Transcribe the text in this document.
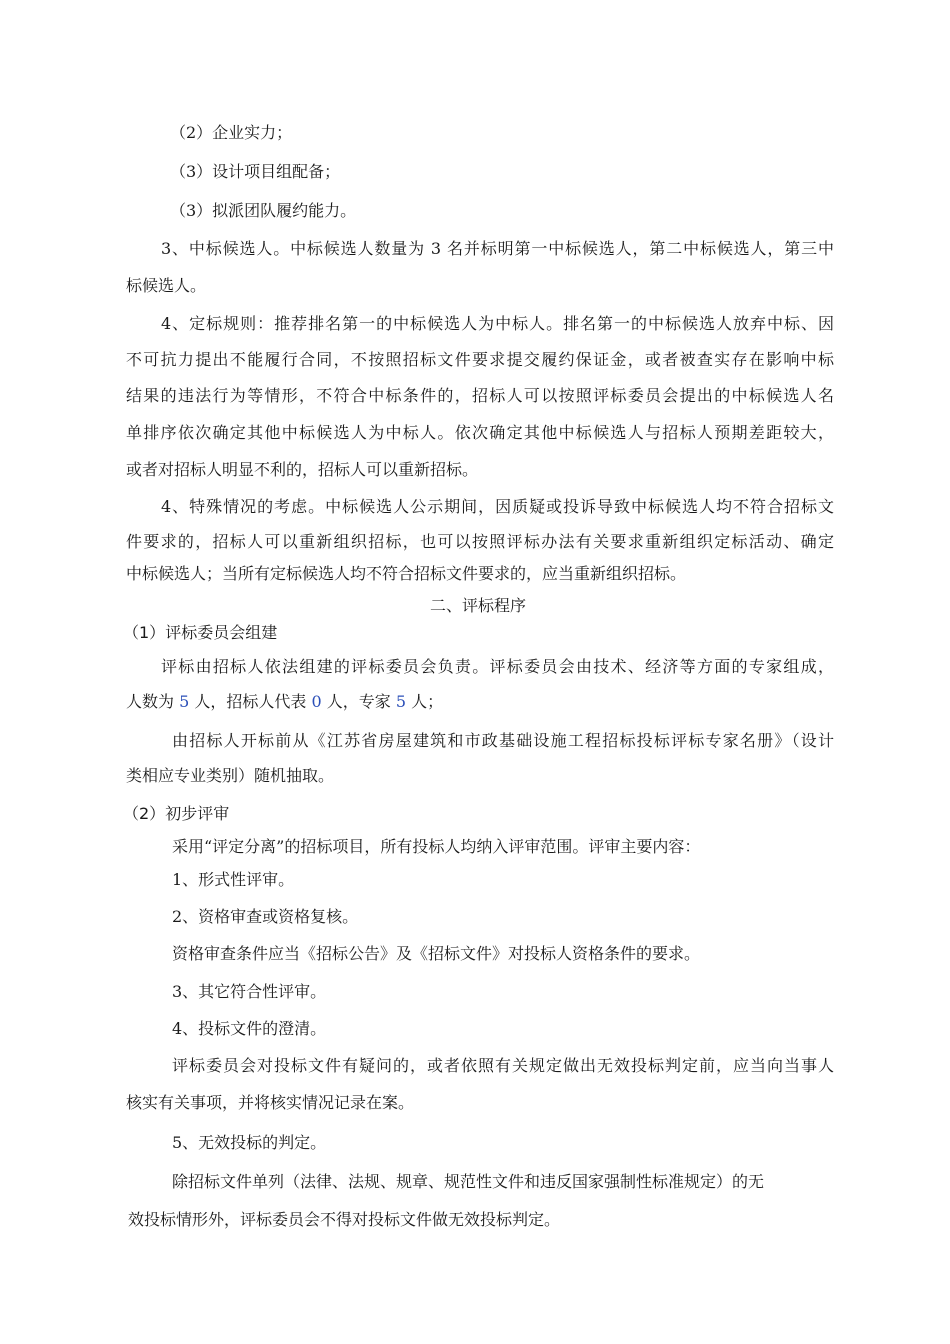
（2）企业实力；
（3）设计项目组配备；
（3）拟派团队履约能力。
3、中标候选人。中标候选人数量为 3 名并标明第一中标候选人，第二中标候选人，第三中
标候选人。
4、定标规则：推荐排名第一的中标候选人为中标人。排名第一的中标候选人放弃中标、因
不可抗力提出不能履行合同，不按照招标文件要求提交履约保证金，或者被查实存在影响中标
结果的违法行为等情形，不符合中标条件的，招标人可以按照评标委员会提出的中标候选人名
单排序依次确定其他中标候选人为中标人。依次确定其他中标候选人与招标人预期差距较大，
或者对招标人明显不利的，招标人可以重新招标。
4、特殊情况的考虑。中标候选人公示期间，因质疑或投诉导致中标候选人均不符合招标文
件要求的，招标人可以重新组织招标，也可以按照评标办法有关要求重新组织定标活动、确定
中标候选人；当所有定标候选人均不符合招标文件要求的，应当重新组织招标。
二、评标程序
（1）评标委员会组建
评标由招标人依法组建的评标委员会负责。评标委员会由技术、经济等方面的专家组成，
人数为 5 人，招标人代表 0 人，专家 5 人；
由招标人开标前从《江苏省房屋建筑和市政基础设施工程招标投标评标专家名册》（设计
类相应专业类别）随机抽取。
（2）初步评审
采用“评定分离”的招标项目，所有投标人均纳入评审范围。评审主要内容：
1、形式性评审。
2、资格审查或资格复核。
资格审查条件应当《招标公告》及《招标文件》对投标人资格条件的要求。
3、其它符合性评审。
4、投标文件的澄清。
评标委员会对投标文件有疑问的，或者依照有关规定做出无效投标判定前，应当向当事人
核实有关事项，并将核实情况记录在案。
5、无效投标的判定。
除招标文件单列（法律、法规、规章、规范性文件和违反国家强制性标准规定）的无
效投标情形外，评标委员会不得对投标文件做无效投标判定。
